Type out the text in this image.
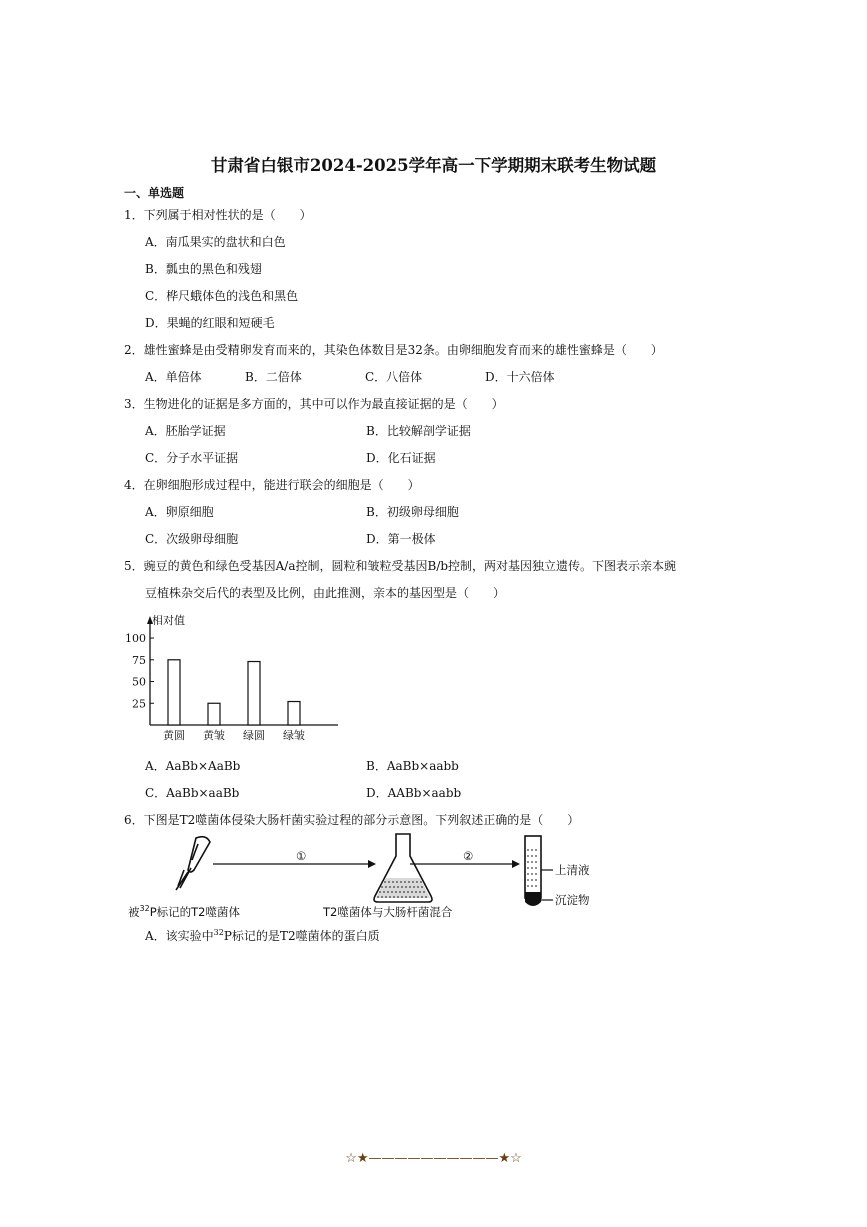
甘肃省白银市2024-2025学年高一下学期期末联考生物试题
一、单选题
1．下列属于相对性状的是（　　）
A．南瓜果实的盘状和白色
B．瓢虫的黑色和残翅
C．桦尺蛾体色的浅色和黑色
D．果蝇的红眼和短硬毛
2．雄性蜜蜂是由受精卵发育而来的，其染色体数目是32条。由卵细胞发育而来的雄性蜜蜂是（　　）
A．单倍体	B．二倍体	C．八倍体	D．十六倍体
3．生物进化的证据是多方面的，其中可以作为最直接证据的是（　　）
A．胚胎学证据	B．比较解剖学证据
C．分子水平证据	D．化石证据
4．在卵细胞形成过程中，能进行联会的细胞是（　　）
A．卵原细胞	B．初级卵母细胞
C．次级卵母细胞	D．第一极体
5．豌豆的黄色和绿色受基因A/a控制，圆粒和皱粒受基因B/b控制，两对基因独立遗传。下图表示亲本豌
豆植株杂交后代的表型及比例，由此推测，亲本的基因型是（　　）
相对值
25
50
75
100
黄圆 黄皱 绿圆 绿皱
A．AaBb×AaBb	B．AaBb×aabb
C．AaBb×aaBb	D．AABb×aabb
6．下图是T2噬菌体侵染大肠杆菌实验过程的部分示意图。下列叙述正确的是（　　）
①	②
上清液
沉淀物
被$^{32}$P标记的T2噬菌体	T2噬菌体与大肠杆菌混合
A．该实验中$^{32}$P标记的是T2噬菌体的蛋白质
☆★——————————★☆
